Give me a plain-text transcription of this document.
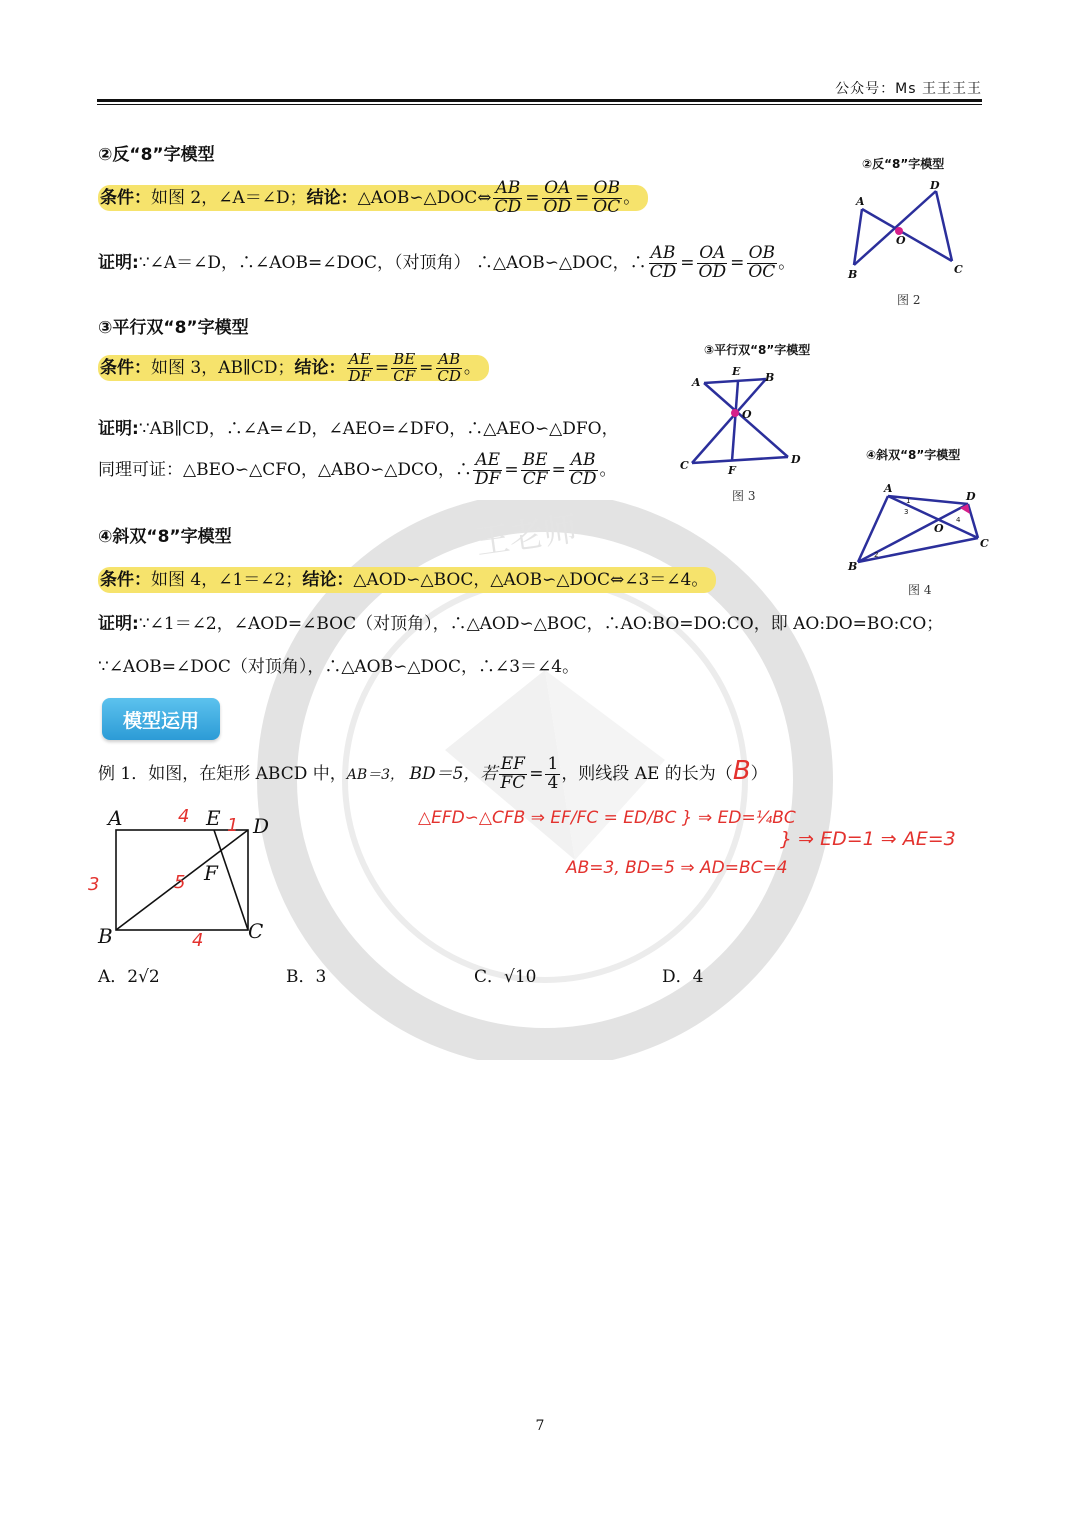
王老师
公众号：Ms 王王王王
②反“8”字模型
条件：如图 2，∠A＝∠D；结论：△AOB∽△DOC⇔ $\frac{AB}{CD} = \frac{OA}{OD} = \frac{OB}{OC}$ 。
证明:∵∠A＝∠D，∴∠AOB=∠DOC，（对顶角） ∴△AOB∽△DOC，∴ $\frac{AB}{CD} = \frac{OA}{OD} = \frac{OB}{OC}$ 。
②反“8”字模型
A
B	C
D
O
图 2
③平行双“8”字模型
条件：如图 3，AB∥CD；结论： $\frac{AE}{DF} = \frac{BE}{CF} = \frac{AB}{CD}$ 。
证明:∵AB∥CD，∴∠A=∠D，∠AEO=∠DFO，∴△AEO∽△DFO，
同理可证：△BEO∽△CFO，△ABO∽△DCO，∴ $\frac{AE}{DF} = \frac{BE}{CF} = \frac{AB}{CD}$ 。
③平行双“8”字模型
A
E B
O
C	F
D
图 3
④斜双“8”字模型
条件：如图 4，∠1＝∠2；结论：△AOD∽△BOC，△AOB∽△DOC⇔∠3＝∠4。
证明:∵∠1＝∠2，∠AOD=∠BOC（对顶角），∴△AOD∽△BOC，∴AO:BO=DO:CO，即 AO:DO=BO:CO；
∵∠AOB=∠DOC（对顶角），∴△AOB∽△DOC，∴∠3＝∠4。
④斜双“8”字模型
A
D
O
B
C
1
2
3
4
图 4
模型运用
例 1．如图，在矩形 ABCD 中，AB＝3， BD＝5，若 $\frac{EF}{FC} = \frac{1}{4}$ ，则线段 AE 的长为（B）
A	E D
F
B	C
4 1
3	5
4
A．2√2	B．3	C．√10	D．4
△EFD∽△CFB ⇒ EF/FC = ED/BC } ⇒ ED=¼BC
AB=3, BD=5 ⇒ AD=BC=4
} ⇒ ED=1 ⇒ AE=3
7
